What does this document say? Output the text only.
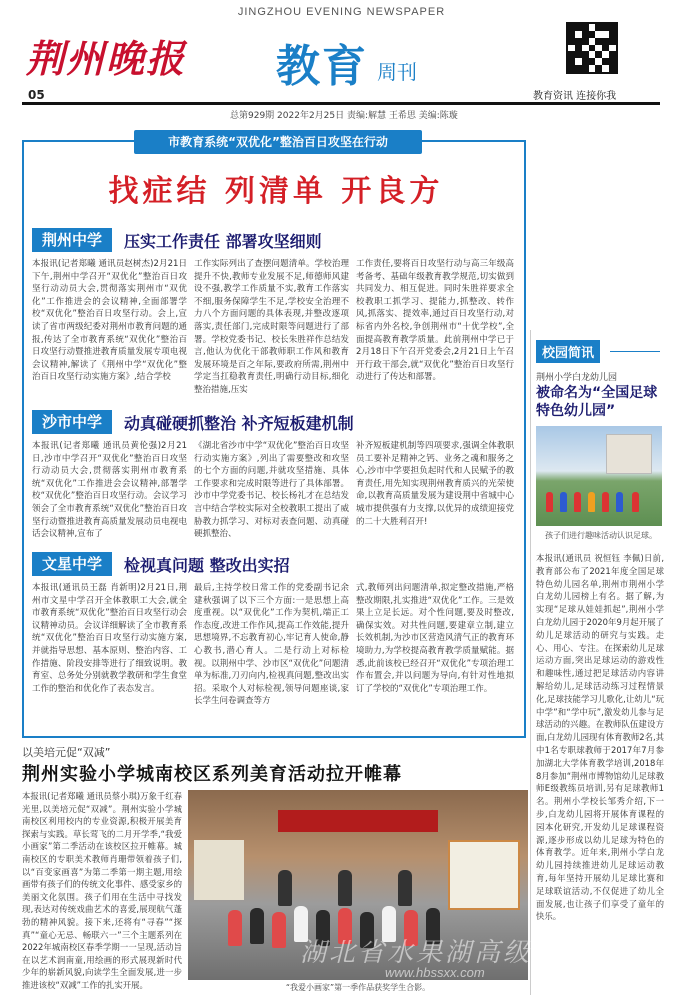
JINGZHOU EVENING NEWSPAPER
荆州晚报 教育 周刊
教育资讯 连接你我
05
总第929期 2022年2月25日 责编:解慧 王希思 美编:陈璇
市教育系统“双优化”整治百日攻坚在行动
找症结 列清单 开良方
荆州中学	压实工作责任 部署攻坚细则
本报讯(记者郑曦 通讯员赵树杰)2月21日下午,荆州中学召开“双优化”整治百日攻坚行动动员大会,贯彻落实荆州市“双优化”工作推进会的会议精神,全面部署学校“双优化”整治百日攻坚行动。会上,宣读了省市两级纪委对荆州市教育问题的通报,传达了全市教育系统“双优化”整治百日攻坚行动暨推进教育质量发展专项电视会议精神,解读了《荆州中学“双优化”整治百日攻坚行动实施方案》,结合学校
工作实际列出了查摆问题清单。学校治理提升不快,教师专业发展不足,师德师风建设不强,教学工作质量不实,教育工作落实不细,服务保障学生不足,学校安全治理不力八个方面问题的具体表现,并整改逐项落实,责任部门,完成时限等问题进行了部署。学校党委书记、校长朱胜祥作总结发言,他认为优化干部教师职工作风和教育发展环境是百之年际,要政府所需,荆州中学定当扛稳教育责任,明确行动目标,细化整治措施,压实
工作责任,要将百日攻坚行动与高三年级高考备考、基础年级教育教学规范,切实做到共同发力、相互促进。同时朱胜祥要求全校教职工抓学习、提能力,抓整改、转作风,抓落实、提效率,通过百日攻坚行动,对标省内外名校,争创荆州市“十优学校”,全面提高教育教学质量。此前荆州中学已于2月18日下午召开党委会,2月21日上午召开行政干部会,就“双优化”整治百日攻坚行动进行了传达和部署。
沙市中学	动真碰硬抓整治 补齐短板建机制
本报讯(记者郑曦 通讯员黄伦强)2月21日,沙市中学召开“双优化”整治百日攻坚行动动员大会,贯彻落实荆州市教育系统“双优化”工作推进会会议精神,部署学校“双优化”整治百日攻坚行动。会议学习领会了全市教育系统“双优化”整治百日攻坚行动暨推进教育高质量发展动员电视电话会议精神,宣布了
《湖北省沙市中学“双优化”整治百日攻坚行动实施方案》,列出了需要整改和攻坚的七个方面的问题,并就攻坚措施、具体工作要求和完成时限等进行了具体部署。沙市中学党委书记、校长杨礼才在总结发言中结合学校实际对全校教职工提出了威胁教力抓学习、对标对表查问题、动真碰硬抓整治、
补齐短板建机制等四项要求,强调全体教职员工要补足精神之钙、业务之魂和服务之心,沙市中学要担负起时代和人民赋予的教育责任,用先知实现荆州教育质兴的光荣使命,以教育高质量发展为建设荆中省城中心城市提供强有力支撑,以优异的成绩迎接党的二十大胜利召开!
文星中学	检视真问题 整改出实招
本报讯(通讯员王磊 肖新明)2月21日,荆州市文星中学召开全体教职工大会,就全市教育系统“双优化”整治百日攻坚行动会议精神动员。会议详细解读了全市教育系统“双优化”整治百日攻坚行动实施方案,并就指导思想、基本原则、整治内容、工作措施、阶段安排等进行了细致说明。教育室、总务处分别就教学教研和学生食堂工作的整治和优化作了表态发言。
最后,主持学校日常工作的党委副书记余建秋强调了以下三个方面:一是思想上高度重视。以“双优化”工作为契机,端正工作态度,改进工作作风,提高工作效能,提升思想境界,不忘教育初心,牢记育人使命,静心教书,潜心育人。二是行动上对标检视。以荆州中学、沙市区“双优化”问题清单为标准,刀刃向内,检视真问题,整改出实招。采取个人对标检视,领导问题座谈,家长学生问卷调查等方
式,教师列出问题清单,拟定整改措施,严格整改期限,扎实推进“双优化”工作。三是效果上立足长远。对个性问题,要及时整改,确保实效。对共性问题,要建章立制,建立长效机制,为沙市区营造风清气正的教育环境助力,为学校提高教育教学质量赋能。据悉,此前该校已经召开“双优化”专项治理工作布置会,并以问题为导向,有针对性地拟订了学校的“双优化”专项治理工作。
校园简讯
荆州小学白龙幼儿园
被命名为“全国足球特色幼儿园”
孩子们进行趣味活动认识足球。
本报讯(通讯员 祝恒钰 李佩)日前,教育部公布了2021年度全国足球特色幼儿园名单,荆州市荆州小学白龙幼儿园榜上有名。据了解,为实现“足球从娃娃抓起”,荆州小学白龙幼儿园于2020年9月起开展了幼儿足球活动的研究与实践。走心、用心、专注。在探索幼儿足球运动方面,突出足球运动的游戏性和趣味性,通过把足球活动内容讲解给幼儿,足球活动练习过程情景化,足球技能学习儿歌化,让幼儿“玩中学”和“学中玩”,激发幼儿参与足球活动的兴趣。在教师队伍建设方面,白龙幼儿园现有体育教师2名,其中1名专职球教师于2017年7月参加湖北大学体育教学培训,2018年8月参加“荆州市博物馆幼儿足球教师E级教练员培训,另有足球教师1名。荆州小学校长邹秀介绍,下一步,白龙幼儿园将开展体育课程的园本化研究,开发幼儿足球课程资源,逐步形成以幼儿足球为特色的体育教学。近年来,荆州小学白龙幼儿园持续推进幼儿足球运动教育,每年坚持开展幼儿足球比赛和足球联谊活动,不仅促进了幼儿全面发展,也让孩子们享受了童年的快乐。
以美培元促“双减”
荆州实验小学城南校区系列美育活动拉开帷幕
本报讯(记者郑曦 通讯员蔡小琪)万象千红春光里,以美培元促“双减”。荆州实验小学城南校区利用校内的专业资源,积极开展美育探索与实践。草长莺飞的二月开学季,“我爱小画家”第二季活动在该校区拉开帷幕。城南校区的专职美术教师肖珊带领着孩子们,以“百变家画喜”为第二季第一期主题,用绘画带有孩子们的传统文化事件、感受家乡的美丽文化氛围。孩子们用在生活中寻找发现,表达对传统戏曲艺术的喜爱,展现航气蓬勃的精神风貌。接下来,还将有“寻春”“探真”“童心无忌、畅联六一”三个主题系列在2022年城南校区春季学期一一呈现,活动旨在以艺术润南童,用绘画的形式展现新时代少年的崭新风貌,向读学生全面发展,进一步推进该校“双减”工作的扎实开展。
湖北省水果湖高级中学
www.hbssxx.com
“我爱小画家”第一季作品获奖学生合影。
